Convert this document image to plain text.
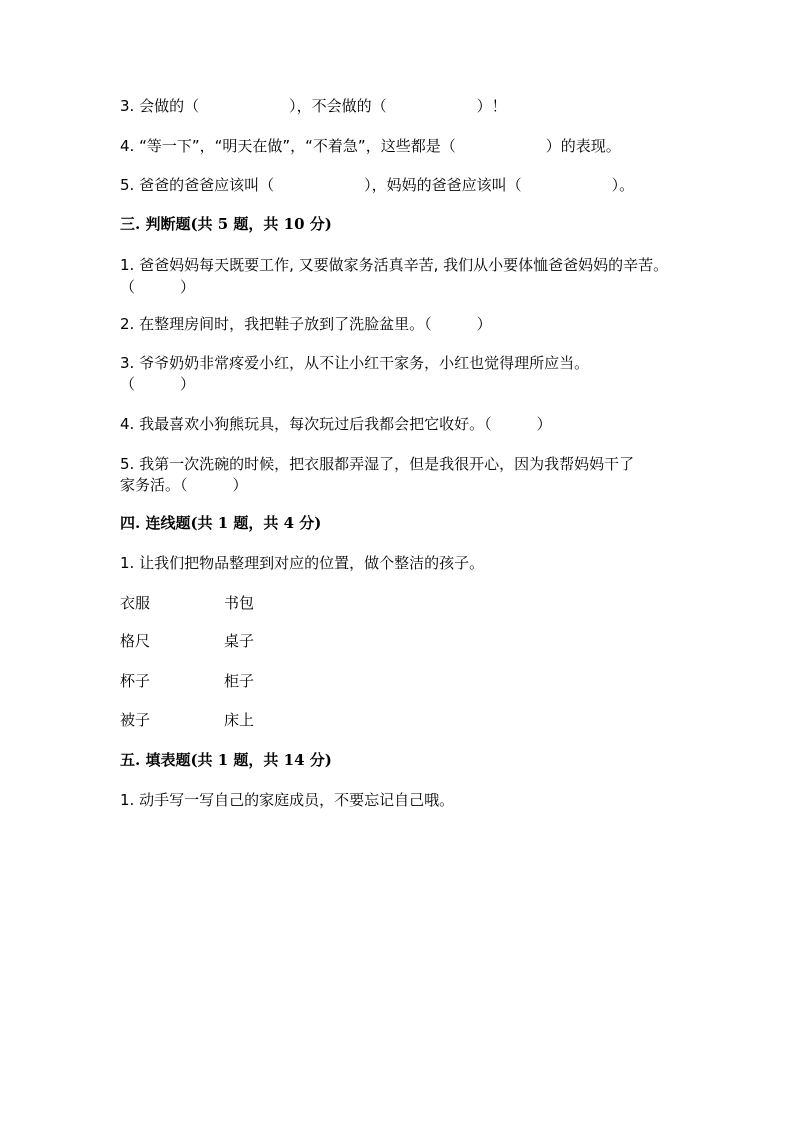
3. 会做的（　　　　　　），不会做的（　　　　　　）！
4. “等一下”，“明天在做”，“不着急”，这些都是（　　　　　　）的表现。
5. 爸爸的爸爸应该叫（　　　　　　），妈妈的爸爸应该叫（　　　　　　）。
三. 判断题(共 5 题，共 10 分)
1. 爸爸妈妈每天既要工作, 又要做家务活真辛苦, 我们从小要体恤爸爸妈妈的辛苦。（　　　）
2. 在整理房间时，我把鞋子放到了洗脸盆里。（　　　）
3. 爷爷奶奶非常疼爱小红，从不让小红干家务，小红也觉得理所应当。
（　　　）
4. 我最喜欢小狗熊玩具，每次玩过后我都会把它收好。（　　　）
5. 我第一次洗碗的时候，把衣服都弄湿了，但是我很开心，因为我帮妈妈干了
家务活。（　　　）
四. 连线题(共 1 题，共 4 分)
1. 让我们把物品整理到对应的位置，做个整洁的孩子。
衣服	书包
格尺	桌子
杯子	柜子
被子	床上
五. 填表题(共 1 题，共 14 分)
1. 动手写一写自己的家庭成员，不要忘记自己哦。
